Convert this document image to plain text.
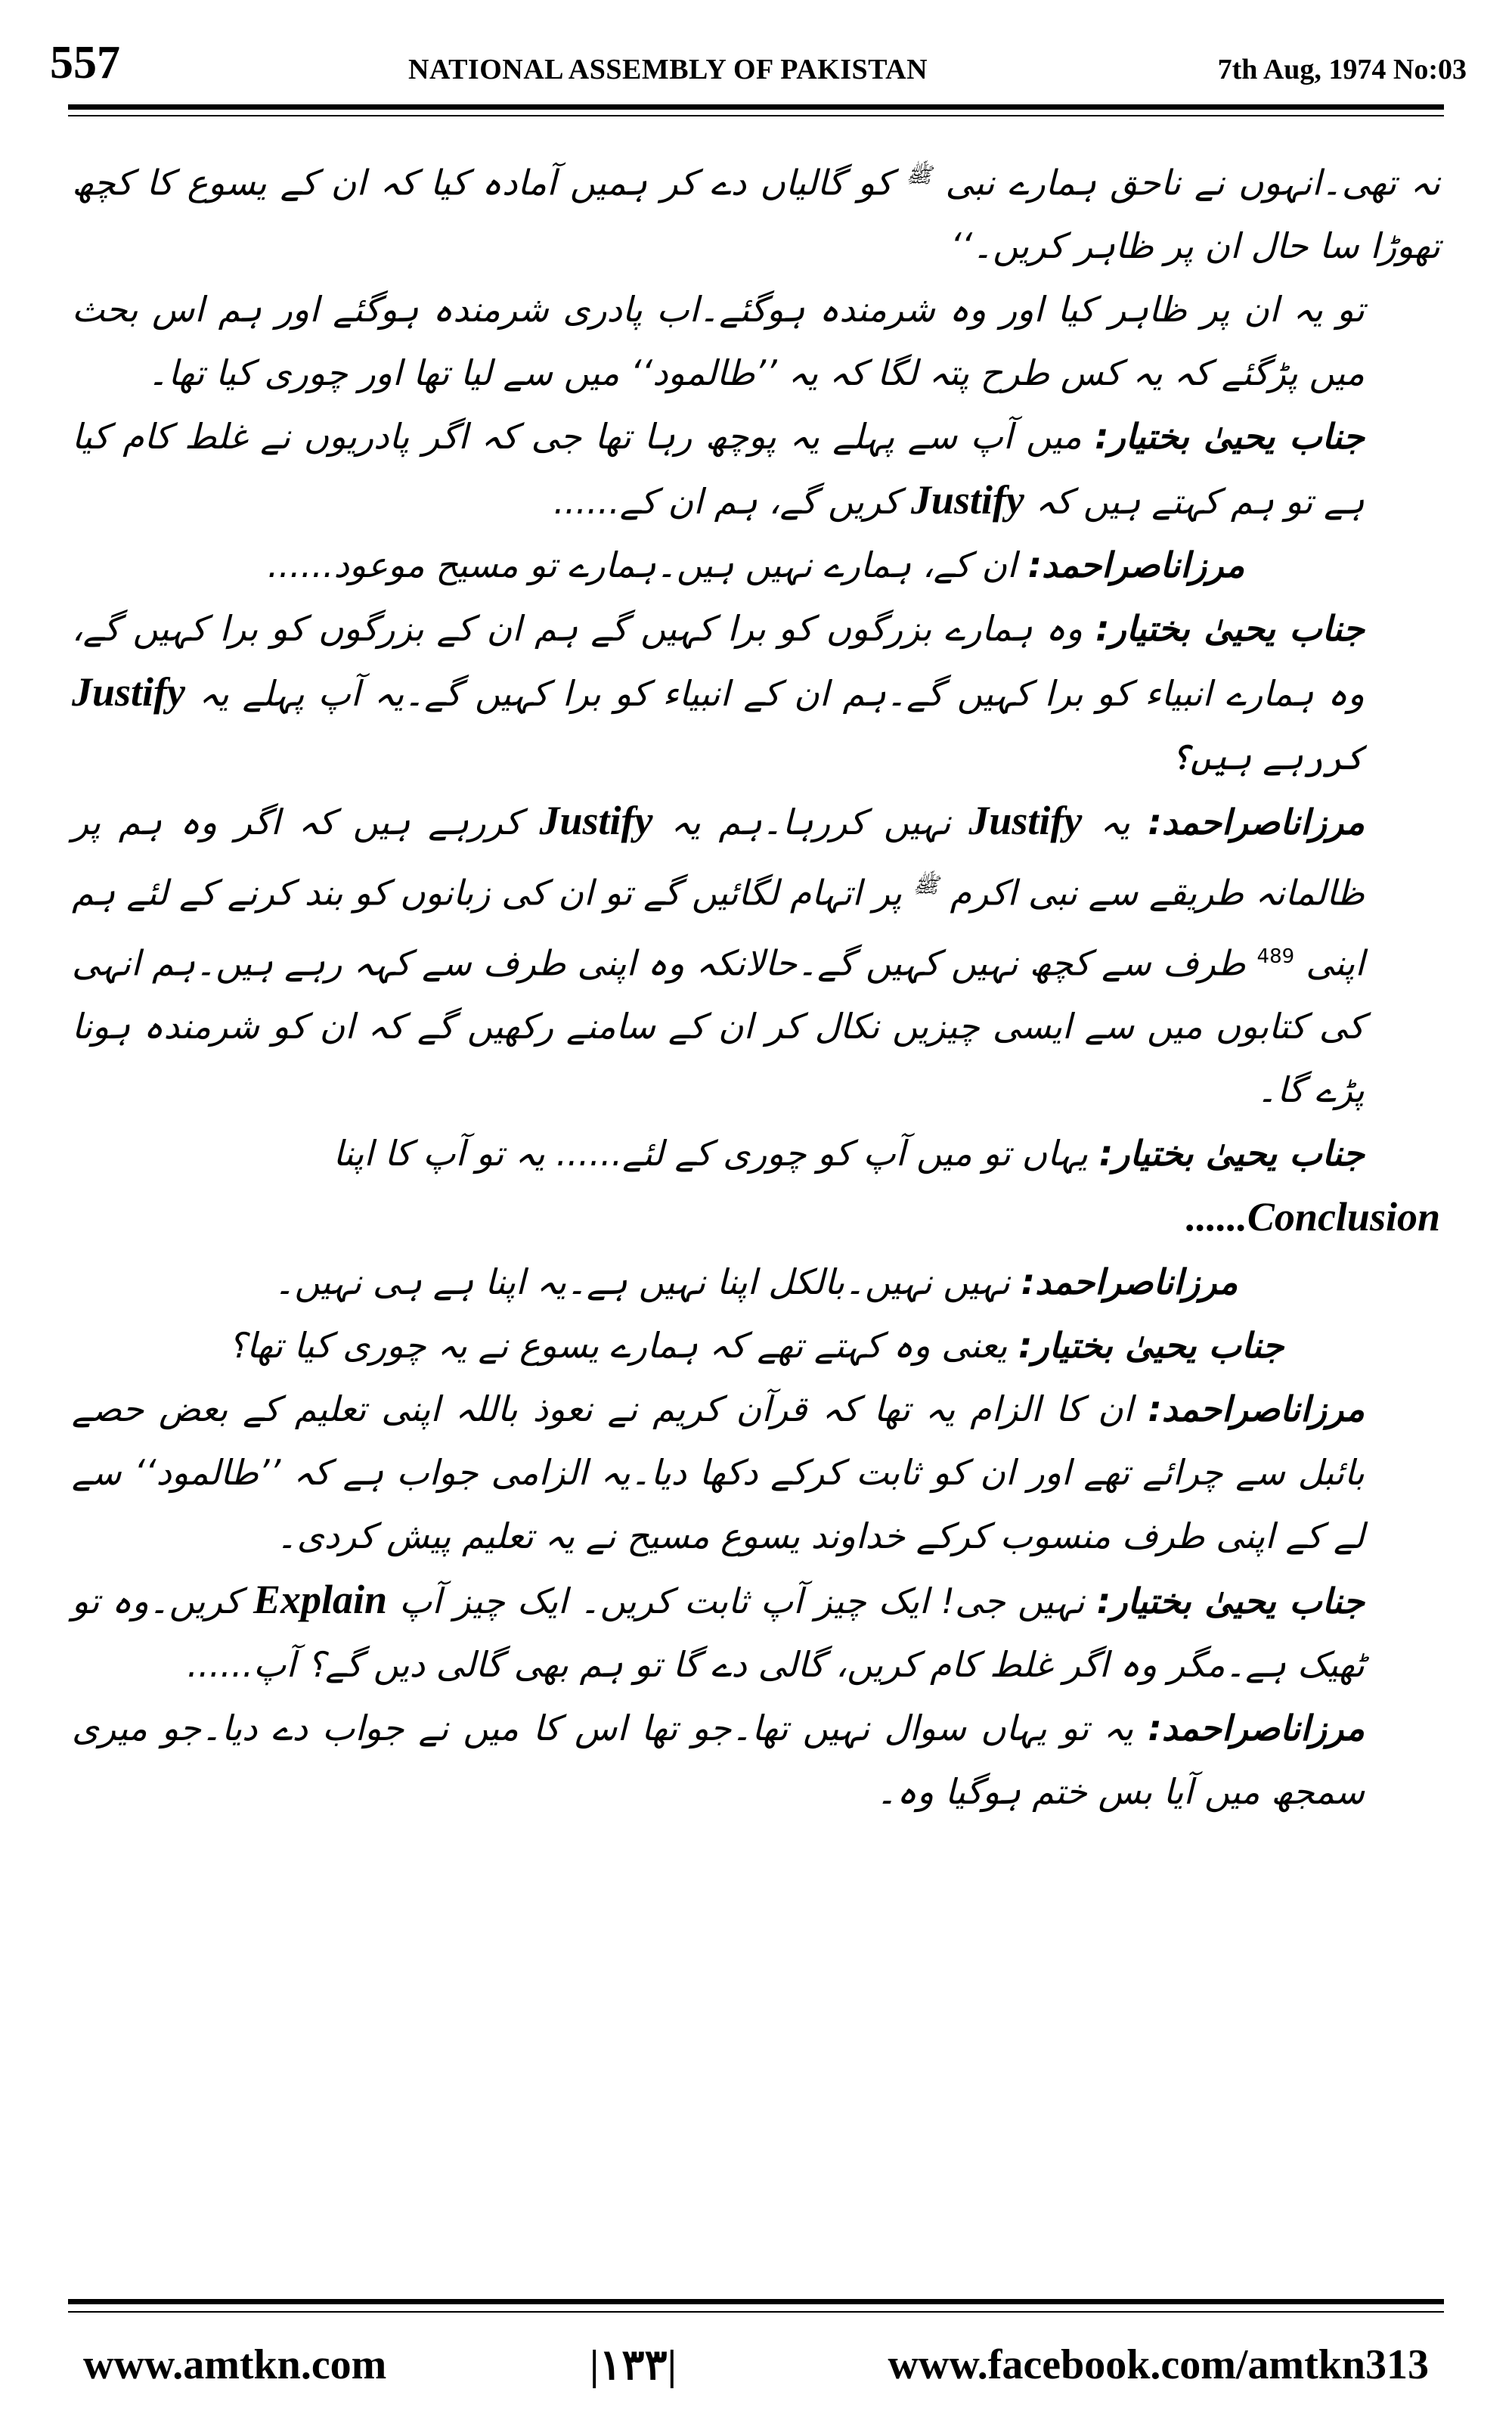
557	NATIONAL ASSEMBLY OF PAKISTAN	7th Aug, 1974 No:03

نہ تھی۔انہوں نے ناحق ہمارے نبی $^ﷺ$ کو گالیاں دے کر ہمیں آمادہ کیا کہ ان کے یسوع کا کچھ تھوڑا سا حال ان پر ظاہر کریں۔‘‘

تو یہ ان پر ظاہر کیا اور وہ شرمندہ ہوگئے۔اب پادری شرمندہ ہوگئے اور ہم اس بحث میں پڑگئے کہ یہ کس طرح پتہ لگا کہ یہ ’’طالمود‘‘ میں سے لیا تھا اور چوری کیا تھا۔

جناب یحییٰ بختیار: میں آپ سے پہلے یہ پوچھ رہا تھا جی کہ اگر پادریوں نے غلط کام کیا ہے تو ہم کہتے ہیں کہ Justify کریں گے، ہم ان کے......

مرزاناصراحمد: ان کے، ہمارے نہیں ہیں۔ہمارے تو مسیح موعود......

جناب یحییٰ بختیار: وہ ہمارے بزرگوں کو برا کہیں گے ہم ان کے بزرگوں کو برا کہیں گے، وہ ہمارے انبیاء کو برا کہیں گے۔ہم ان کے انبیاء کو برا کہیں گے۔یہ آپ پہلے یہ Justify کررہے ہیں؟

مرزاناصراحمد: یہ Justify نہیں کررہا۔ہم یہ Justify کررہے ہیں کہ اگر وہ ہم پر ظالمانہ طریقے سے نبی اکرم $^ﷺ$ پر اتہام لگائیں گے تو ان کی زبانوں کو بند کرنے کے لئے ہم اپنی $^{489}$ طرف سے کچھ نہیں کہیں گے۔حالانکہ وہ اپنی طرف سے کہہ رہے ہیں۔ہم انہی کی کتابوں میں سے ایسی چیزیں نکال کر ان کے سامنے رکھیں گے کہ ان کو شرمندہ ہونا پڑے گا۔

جناب یحییٰ بختیار: یہاں تو میں آپ کو چوری کے لئے...... یہ تو آپ کا اپنا

......Conclusion

مرزاناصراحمد: نہیں نہیں۔بالکل اپنا نہیں ہے۔یہ اپنا ہے ہی نہیں۔

جناب یحییٰ بختیار: یعنی وہ کہتے تھے کہ ہمارے یسوع نے یہ چوری کیا تھا؟

مرزاناصراحمد: ان کا الزام یہ تھا کہ قرآن کریم نے نعوذ باللہ اپنی تعلیم کے بعض حصے بائبل سے چرائے تھے اور ان کو ثابت کرکے دکھا دیا۔یہ الزامی جواب ہے کہ ’’طالمود‘‘ سے لے کے اپنی طرف منسوب کرکے خداوند یسوع مسیح نے یہ تعلیم پیش کردی۔

جناب یحییٰ بختیار: نہیں جی! ایک چیز آپ ثابت کریں۔ ایک چیز آپ Explain کریں۔وہ تو ٹھیک ہے۔مگر وہ اگر غلط کام کریں، گالی دے گا تو ہم بھی گالی دیں گے؟ آپ......

مرزاناصراحمد: یہ تو یہاں سوال نہیں تھا۔جو تھا اس کا میں نے جواب دے دیا۔جو میری سمجھ میں آیا بس ختم ہوگیا وہ۔

www.amtkn.com	|۱۳۳|	www.facebook.com/amtkn313
